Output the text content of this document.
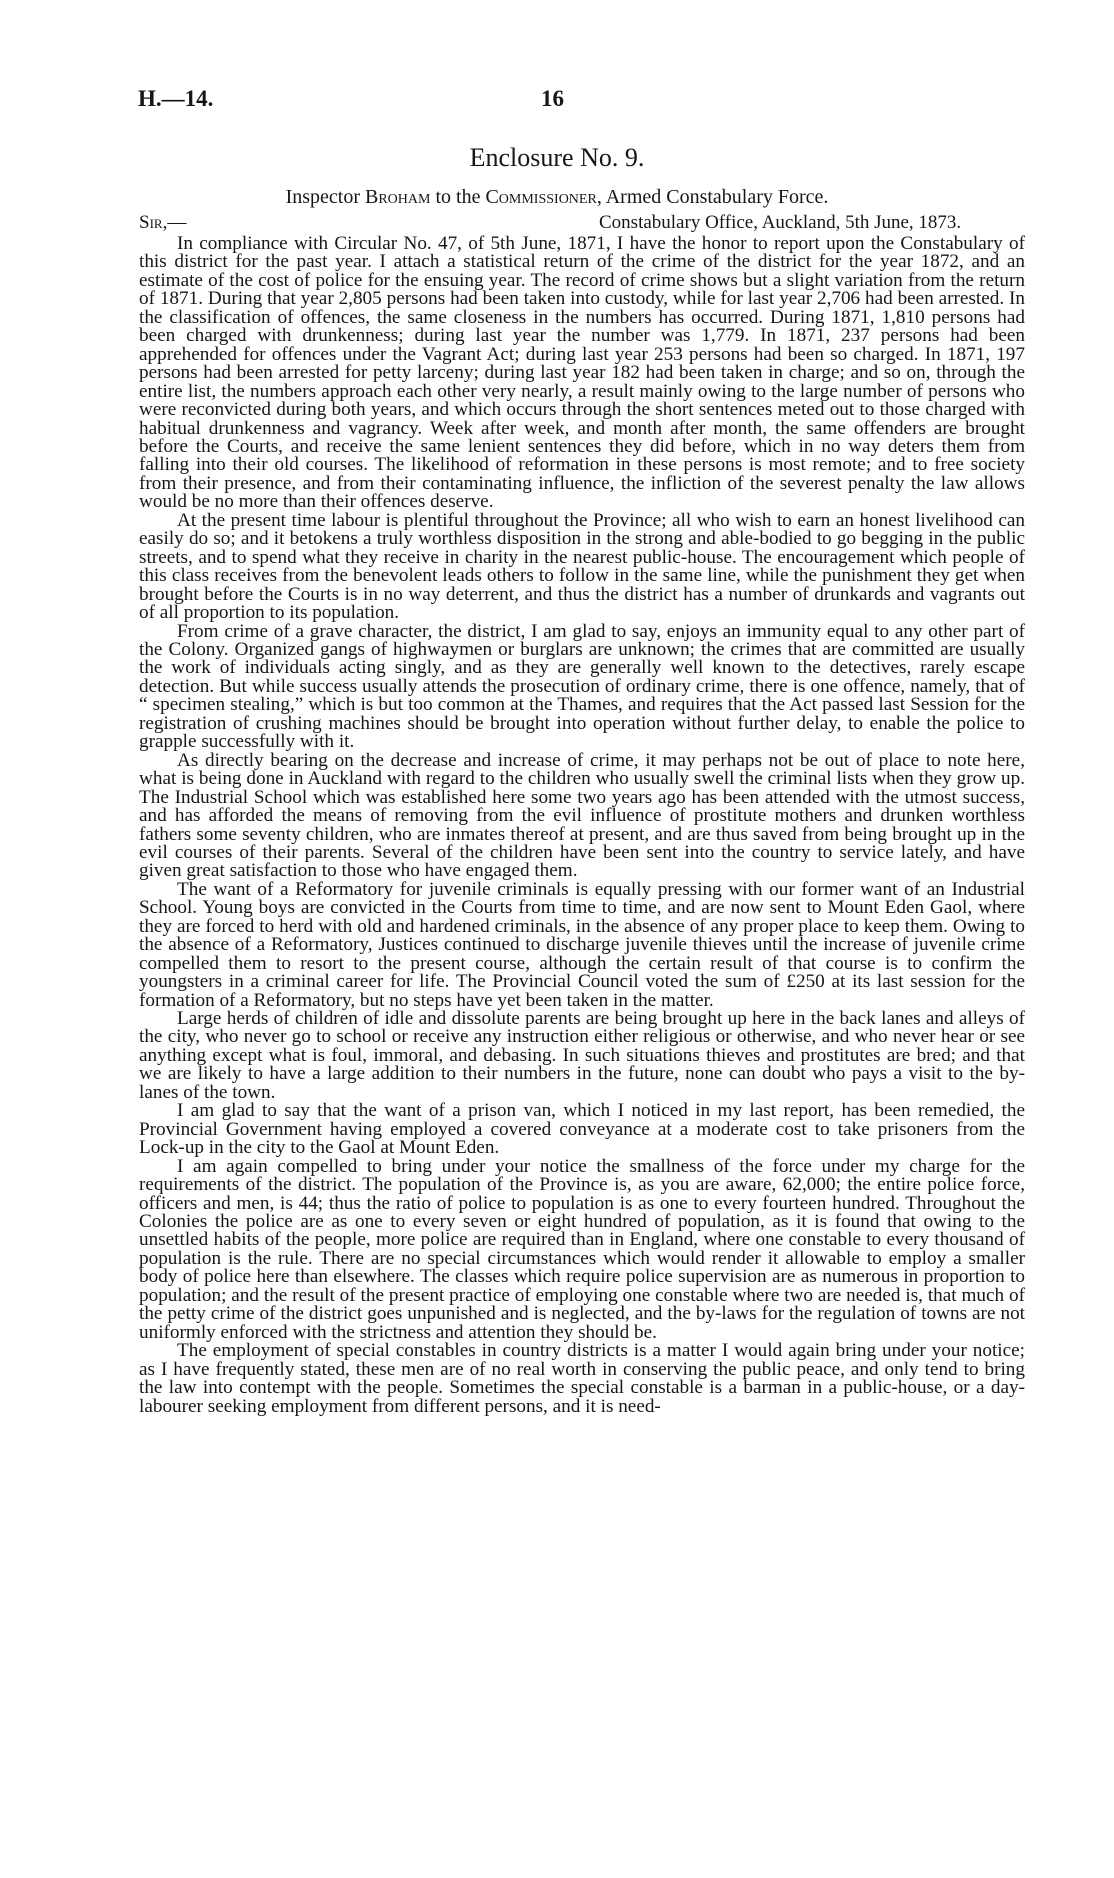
H.—14.	16
Enclosure No. 9.
Inspector Broham to the Commissioner, Armed Constabulary Force.
Sir,—	Constabulary Office, Auckland, 5th June, 1873.

In compliance with Circular No. 47, of 5th June, 1871, I have the honor to report upon the Constabulary of this district for the past year. I attach a statistical return of the crime of the district for the year 1872, and an estimate of the cost of police for the ensuing year. The record of crime shows but a slight variation from the return of 1871. During that year 2,805 persons had been taken into custody, while for last year 2,706 had been arrested. In the classification of offences, the same closeness in the numbers has occurred. During 1871, 1,810 persons had been charged with drunkenness; during last year the number was 1,779. In 1871, 237 persons had been apprehended for offences under the Vagrant Act; during last year 253 persons had been so charged. In 1871, 197 persons had been arrested for petty larceny; during last year 182 had been taken in charge; and so on, through the entire list, the numbers approach each other very nearly, a result mainly owing to the large number of persons who were reconvicted during both years, and which occurs through the short sentences meted out to those charged with habitual drunkenness and vagrancy. Week after week, and month after month, the same offenders are brought before the Courts, and receive the same lenient sentences they did before, which in no way deters them from falling into their old courses. The likelihood of reformation in these persons is most remote; and to free society from their presence, and from their contaminating influence, the infliction of the severest penalty the law allows would be no more than their offences deserve.

At the present time labour is plentiful throughout the Province; all who wish to earn an honest livelihood can easily do so; and it betokens a truly worthless disposition in the strong and able-bodied to go begging in the public streets, and to spend what they receive in charity in the nearest public-house. The encouragement which people of this class receives from the benevolent leads others to follow in the same line, while the punishment they get when brought before the Courts is in no way deterrent, and thus the district has a number of drunkards and vagrants out of all proportion to its population.

From crime of a grave character, the district, I am glad to say, enjoys an immunity equal to any other part of the Colony. Organized gangs of highwaymen or burglars are unknown; the crimes that are committed are usually the work of individuals acting singly, and as they are generally well known to the detectives, rarely escape detection. But while success usually attends the prosecution of ordinary crime, there is one offence, namely, that of “ specimen stealing,” which is but too common at the Thames, and requires that the Act passed last Session for the registration of crushing machines should be brought into operation without further delay, to enable the police to grapple successfully with it.

As directly bearing on the decrease and increase of crime, it may perhaps not be out of place to note here, what is being done in Auckland with regard to the children who usually swell the criminal lists when they grow up. The Industrial School which was established here some two years ago has been attended with the utmost success, and has afforded the means of removing from the evil influence of prostitute mothers and drunken worthless fathers some seventy children, who are inmates thereof at present, and are thus saved from being brought up in the evil courses of their parents. Several of the children have been sent into the country to service lately, and have given great satisfaction to those who have engaged them.

The want of a Reformatory for juvenile criminals is equally pressing with our former want of an Industrial School. Young boys are convicted in the Courts from time to time, and are now sent to Mount Eden Gaol, where they are forced to herd with old and hardened criminals, in the absence of any proper place to keep them. Owing to the absence of a Reformatory, Justices continued to discharge juvenile thieves until the increase of juvenile crime compelled them to resort to the present course, although the certain result of that course is to confirm the youngsters in a criminal career for life. The Provincial Council voted the sum of £250 at its last session for the formation of a Reformatory, but no steps have yet been taken in the matter.

Large herds of children of idle and dissolute parents are being brought up here in the back lanes and alleys of the city, who never go to school or receive any instruction either religious or otherwise, and who never hear or see anything except what is foul, immoral, and debasing. In such situations thieves and prostitutes are bred; and that we are likely to have a large addition to their numbers in the future, none can doubt who pays a visit to the by-lanes of the town.

I am glad to say that the want of a prison van, which I noticed in my last report, has been remedied, the Provincial Government having employed a covered conveyance at a moderate cost to take prisoners from the Lock-up in the city to the Gaol at Mount Eden.

I am again compelled to bring under your notice the smallness of the force under my charge for the requirements of the district. The population of the Province is, as you are aware, 62,000; the entire police force, officers and men, is 44; thus the ratio of police to population is as one to every fourteen hundred. Throughout the Colonies the police are as one to every seven or eight hundred of population, as it is found that owing to the unsettled habits of the people, more police are required than in England, where one constable to every thousand of population is the rule. There are no special circumstances which would render it allowable to employ a smaller body of police here than elsewhere. The classes which require police supervision are as numerous in proportion to population; and the result of the present practice of employing one constable where two are needed is, that much of the petty crime of the district goes unpunished and is neglected, and the by-laws for the regulation of towns are not uniformly enforced with the strictness and attention they should be.

The employment of special constables in country districts is a matter I would again bring under your notice; as I have frequently stated, these men are of no real worth in conserving the public peace, and only tend to bring the law into contempt with the people. Sometimes the special constable is a barman in a public-house, or a day-labourer seeking employment from different persons, and it is need-
